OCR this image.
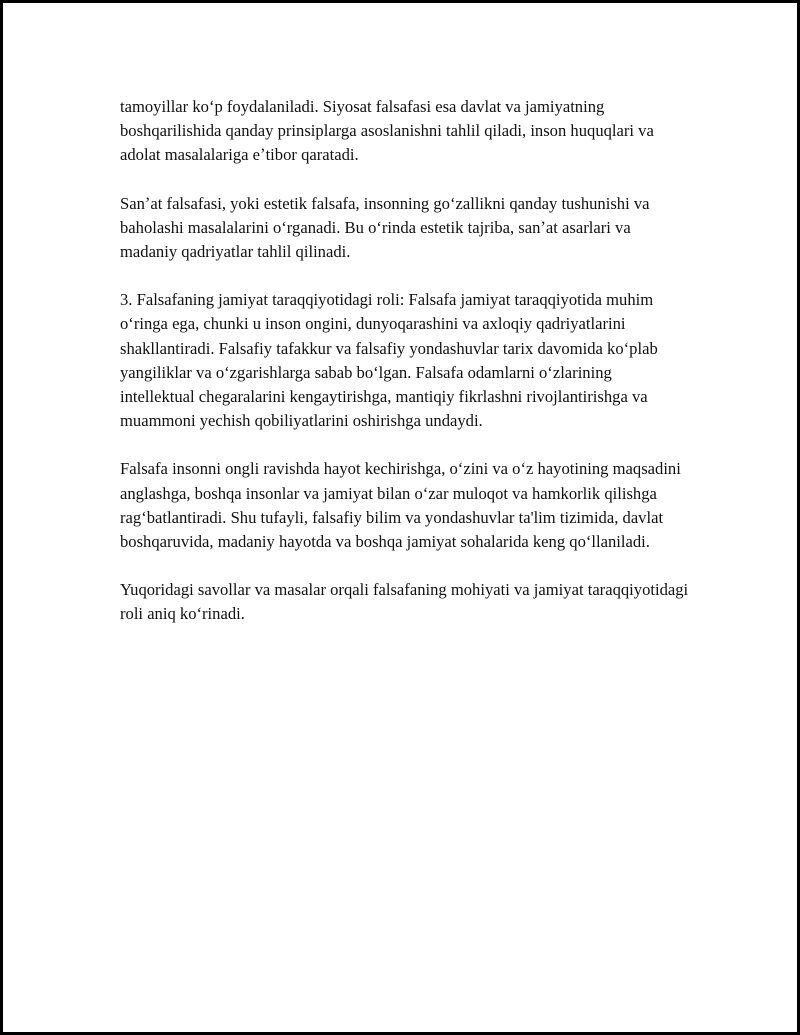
tamoyillar koʻp foydalaniladi. Siyosat falsafasi esa davlat va jamiyatning boshqarilishida qanday prinsiplarga asoslanishni tahlil qiladi, inson huquqlari va adolat masalalariga eʼtibor qaratadi.

Sanʼat falsafasi, yoki estetik falsafa, insonning goʻzallikni qanday tushunishi va baholashi masalalarini oʻrganadi. Bu oʻrinda estetik tajriba, sanʼat asarlari va madaniy qadriyatlar tahlil qilinadi.

3. Falsafaning jamiyat taraqqiyotidagi roli: Falsafa jamiyat taraqqiyotida muhim oʻringa ega, chunki u inson ongini, dunyoqarashini va axloqiy qadriyatlarini shakllantiradi. Falsafiy tafakkur va falsafiy yondashuvlar tarix davomida koʻplab yangiliklar va oʻzgarishlarga sabab boʻlgan. Falsafa odamlarni oʻzlarining intellektual chegaralarini kengaytirishga, mantiqiy fikrlashni rivojlantirishga va muammoni yechish qobiliyatlarini oshirishga undaydi.

Falsafa insonni ongli ravishda hayot kechirishga, oʻzini va oʻz hayotining maqsadini anglashga, boshqa insonlar va jamiyat bilan oʻzar muloqot va hamkorlik qilishga ragʻbatlantiradi. Shu tufayli, falsafiy bilim va yondashuvlar ta'lim tizimida, davlat boshqaruvida, madaniy hayotda va boshqa jamiyat sohalarida keng qoʻllaniladi.

Yuqoridagi savollar va masalar orqali falsafaning mohiyati va jamiyat taraqqiyotidagi roli aniq koʻrinadi.
